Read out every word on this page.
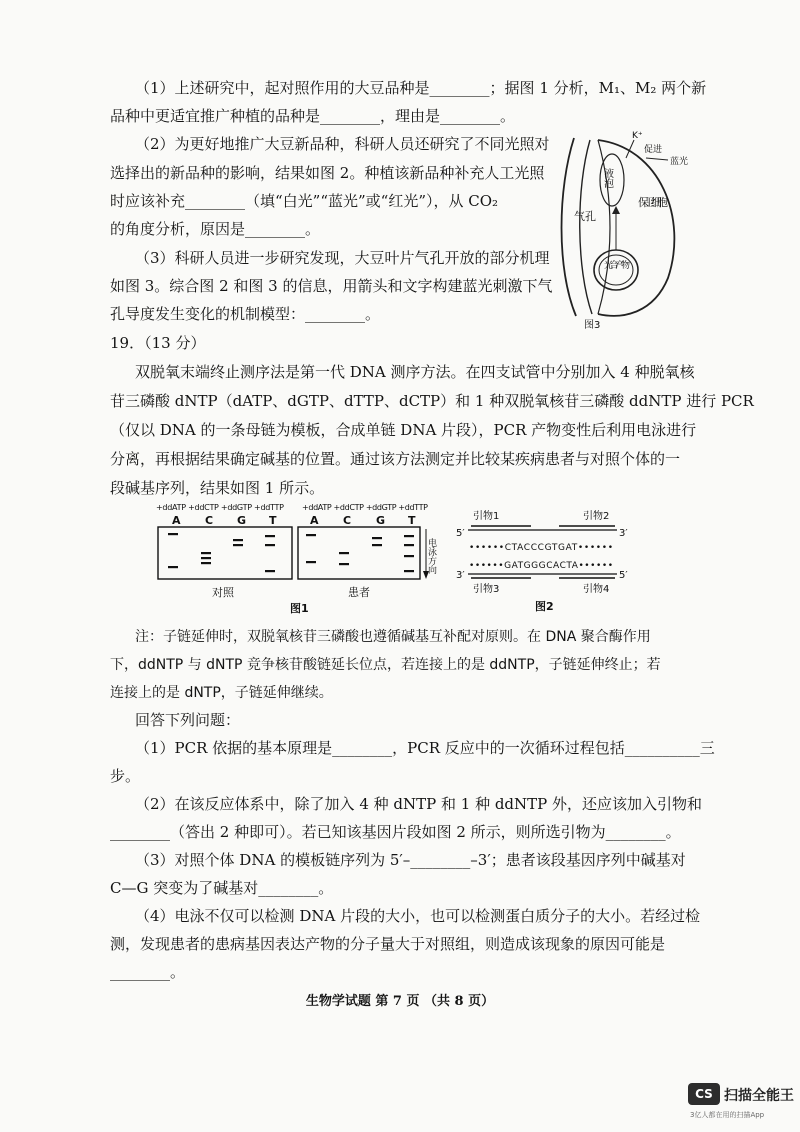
（1）上述研究中，起对照作用的大豆品种是________；据图 1 分析，M₁、M₂ 两个新
品种中更适宜推广种植的品种是________，理由是________。
（2）为更好地推广大豆新品种，科研人员还研究了不同光照对
选择出的新品种的影响，结果如图 2。种植该新品种补充人工光照
时应该补充________（填“白光”“蓝光”或“红光”），从 CO₂
的角度分析，原因是________。
（3）科研人员进一步研究发现，大豆叶片气孔开放的部分机理
如图 3。综合图 2 和图 3 的信息，用箭头和文字构建蓝光刺激下气
孔导度发生变化的机制模型：________。
液泡
光合产物
气孔
保卫细胞
K⁺
促进
蓝光
图3
19．（13 分）
双脱氧末端终止测序法是第一代 DNA 测序方法。在四支试管中分别加入 4 种脱氧核
苷三磷酸 dNTP（dATP、dGTP、dTTP、dCTP）和 1 种双脱氧核苷三磷酸 ddNTP 进行 PCR
（仅以 DNA 的一条母链为模板，合成单链 DNA 片段），PCR 产物变性后利用电泳进行
分离，再根据结果确定碱基的位置。通过该方法测定并比较某疾病患者与对照个体的一
段碱基序列，结果如图 1 所示。
+ddATP +ddCTP +ddGTP +ddTTP +ddATP +ddCTP +ddGTP +ddTTP
A C G T	A C G T
电泳方向
对照	患者
图1
引物1	引物2
5′	3′
••••••CTACCCGTGAT••••••
••••••GATGGGCACTA••••••
3′	5′
引物3	引物4
图2
注：子链延伸时，双脱氧核苷三磷酸也遵循碱基互补配对原则。在 DNA 聚合酶作用
下，ddNTP 与 dNTP 竞争核苷酸链延长位点，若连接上的是 ddNTP，子链延伸终止；若
连接上的是 dNTP，子链延伸继续。
回答下列问题：
（1）PCR 依据的基本原理是________，PCR 反应中的一次循环过程包括__________三
步。
（2）在该反应体系中，除了加入 4 种 dNTP 和 1 种 ddNTP 外，还应该加入引物和
________（答出 2 种即可）。若已知该基因片段如图 2 所示，则所选引物为________。
（3）对照个体 DNA 的模板链序列为 5′–________–3′；患者该段基因序列中碱基对
C—G 突变为了碱基对________。
（4）电泳不仅可以检测 DNA 片段的大小，也可以检测蛋白质分子的大小。若经过检
测，发现患者的患病基因表达产物的分子量大于对照组，则造成该现象的原因可能是
________。
生物学试题 第 7 页 （共 8 页）
CS 扫描全能王
3亿人都在用的扫描App
